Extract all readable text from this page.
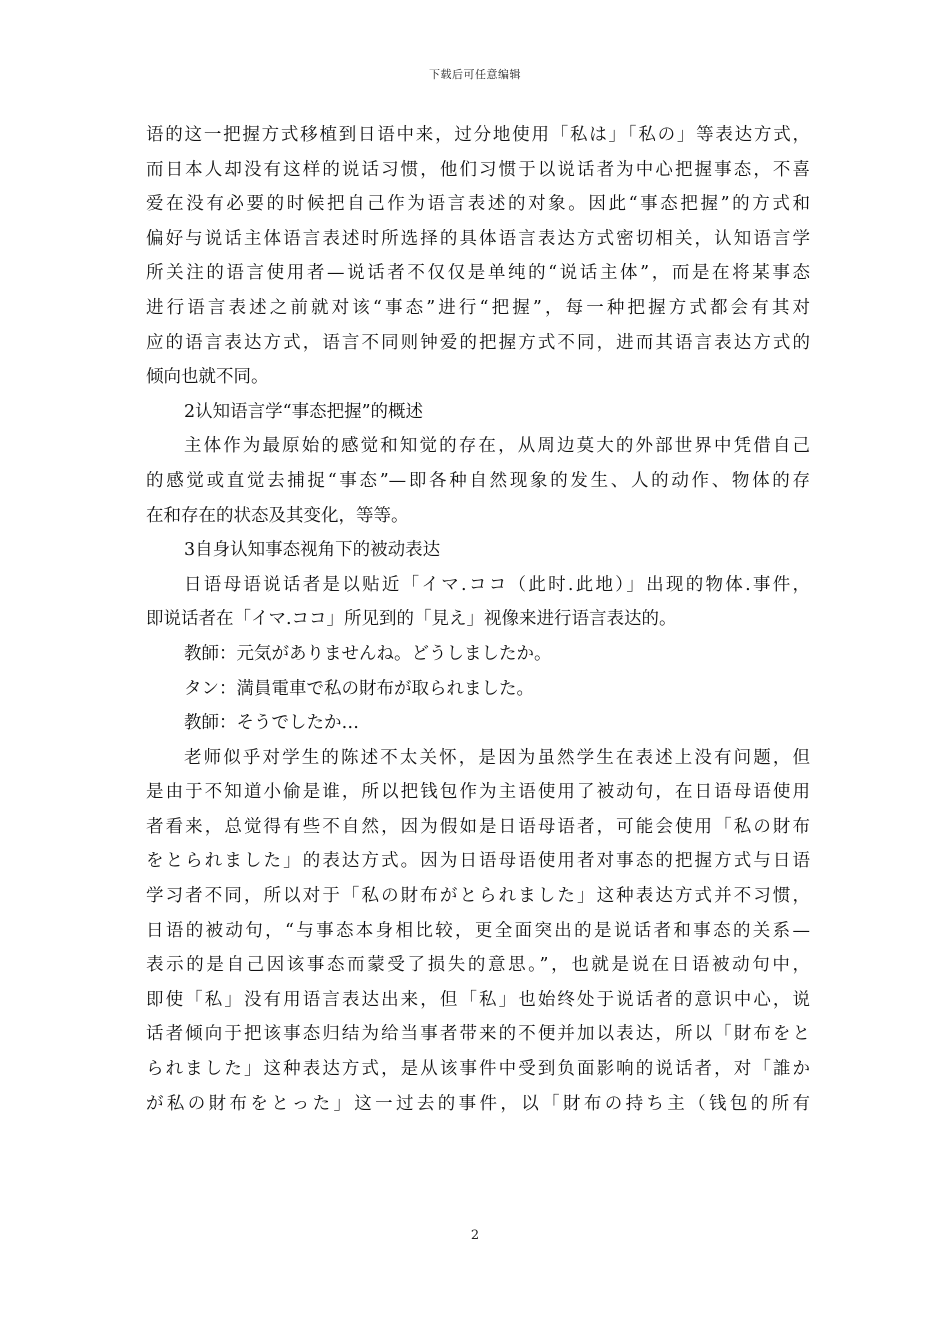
下载后可任意编辑
语的这一把握方式移植到日语中来，过分地使用「私は」「私の」等表达方式，
而日本人却没有这样的说话习惯，他们习惯于以说话者为中心把握事态，不喜
爱在没有必要的时候把自己作为语言表述的对象。因此“事态把握”的方式和
偏好与说话主体语言表述时所选择的具体语言表达方式密切相关，认知语言学
所关注的语言使用者—说话者不仅仅是单纯的“说话主体”，而是在将某事态
进行语言表述之前就对该“事态”进行“把握”，每一种把握方式都会有其对
应的语言表达方式，语言不同则钟爱的把握方式不同，进而其语言表达方式的
倾向也就不同。
2认知语言学“事态把握”的概述
主体作为最原始的感觉和知觉的存在，从周边莫大的外部世界中凭借自己
的感觉或直觉去捕捉“事态”—即各种自然现象的发生、人的动作、物体的存
在和存在的状态及其变化，等等。
3自身认知事态视角下的被动表达
日语母语说话者是以贴近「イマ.ココ（此时.此地）」出现的物体.事件，
即说话者在「イマ.ココ」所见到的「見え」视像来进行语言表达的。
教師：元気がありませんね。どうしましたか。
タン：満員電車で私の財布が取られました。
教師：そうでしたか…
老师似乎对学生的陈述不太关怀，是因为虽然学生在表述上没有问题，但
是由于不知道小偷是谁，所以把钱包作为主语使用了被动句，在日语母语使用
者看来，总觉得有些不自然，因为假如是日语母语者，可能会使用「私の財布
をとられました」的表达方式。因为日语母语使用者对事态的把握方式与日语
学习者不同，所以对于「私の財布がとられました」这种表达方式并不习惯，
日语的被动句，“与事态本身相比较，更全面突出的是说话者和事态的关系—
表示的是自己因该事态而蒙受了损失的意思。”，也就是说在日语被动句中，
即使「私」没有用语言表达出来，但「私」也始终处于说话者的意识中心，说
话者倾向于把该事态归结为给当事者带来的不便并加以表达，所以「財布をと
られました」这种表达方式，是从该事件中受到负面影响的说话者，对「誰か
が私の財布をとった」这一过去的事件，以「財布の持ち主（钱包的所有
2
